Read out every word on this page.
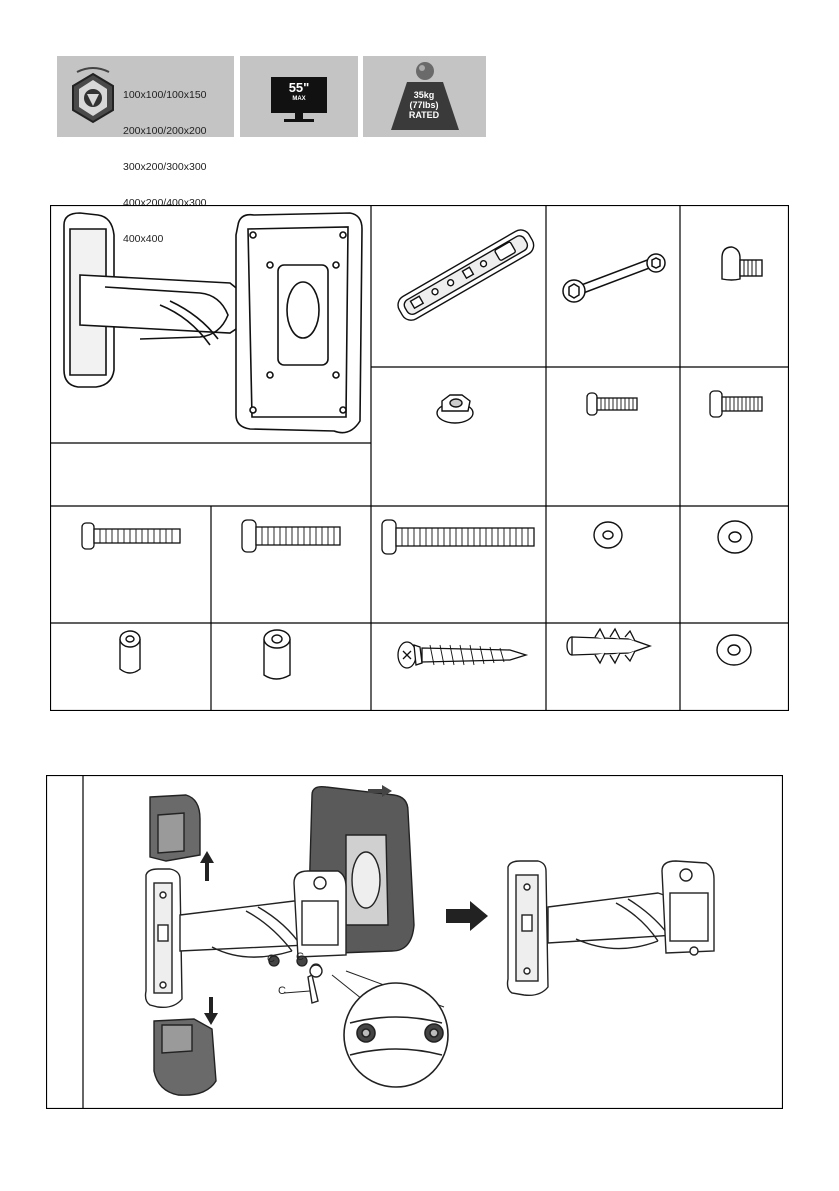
100x100/100x150

200x100/200x200

300x200/300x300

400x200/400x300

400x400

55"
MAX	35kg
(77lbs)
RATED
C C
C
